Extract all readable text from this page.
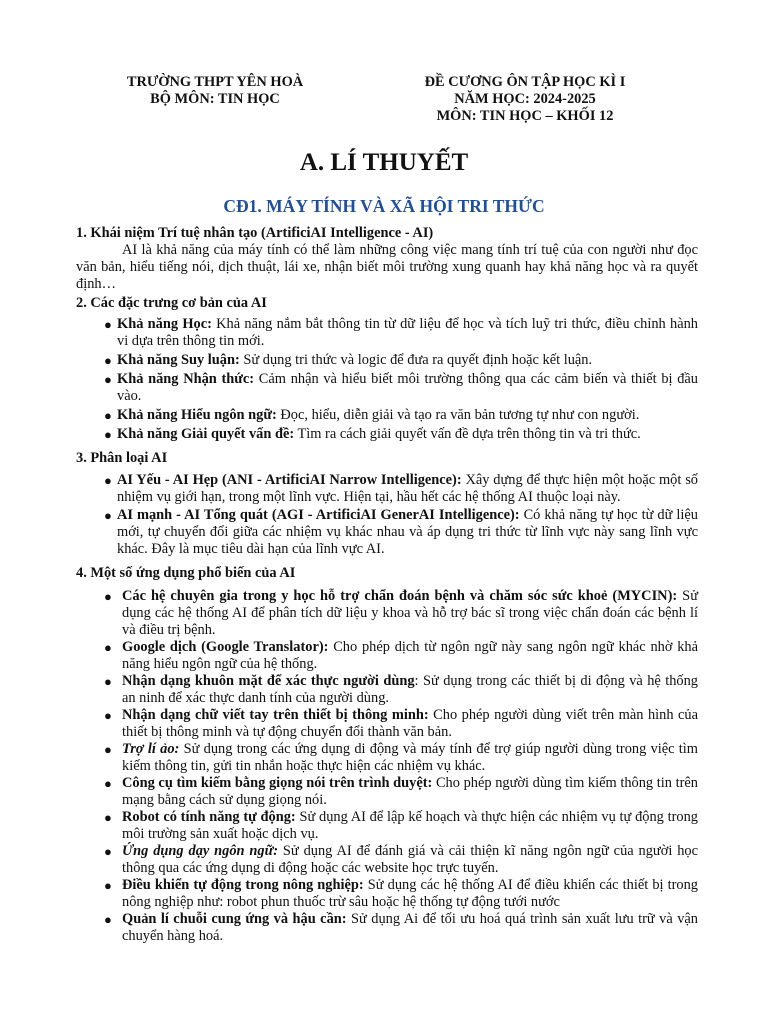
TRƯỜNG THPT YÊN HOÀ
BỘ MÔN: TIN HỌC
ĐỀ CƯƠNG ÔN TẬP HỌC KÌ I
NĂM HỌC: 2024-2025
MÔN: TIN HỌC – KHỐI 12
A. LÍ THUYẾT
CĐ1. MÁY TÍNH VÀ XÃ HỘI TRI THỨC

1. Khái niệm Trí tuệ nhân tạo (ArtificiAI Intelligence - AI)

AI là khả năng của máy tính có thể làm những công việc mang tính trí tuệ của con người như đọc văn bản, hiểu tiếng nói, dịch thuật, lái xe, nhận biết môi trường xung quanh hay khả năng học và ra quyết định…

2. Các đặc trưng cơ bản của AI

● Khả năng Học: Khả năng nắm bắt thông tin từ dữ liệu để học và tích luỹ tri thức, điều chỉnh hành vi dựa trên thông tin mới.
● Khả năng Suy luận: Sử dụng tri thức và logic để đưa ra quyết định hoặc kết luận.
● Khả năng Nhận thức: Cảm nhận và hiểu biết môi trường thông qua các cảm biến và thiết bị đầu vào.
● Khả năng Hiểu ngôn ngữ: Đọc, hiểu, diễn giải và tạo ra văn bản tương tự như con người.
● Khả năng Giải quyết vấn đề: Tìm ra cách giải quyết vấn đề dựa trên thông tin và tri thức.

3. Phân loại AI

● AI Yếu - AI Hẹp (ANI - ArtificiAI Narrow Intelligence): Xây dựng để thực hiện một hoặc một số nhiệm vụ giới hạn, trong một lĩnh vực. Hiện tại, hầu hết các hệ thống AI thuộc loại này.
● AI mạnh - AI Tổng quát (AGI - ArtificiAI GenerAI Intelligence): Có khả năng tự học từ dữ liệu mới, tự chuyển đổi giữa các nhiệm vụ khác nhau và áp dụng tri thức từ lĩnh vực này sang lĩnh vực khác. Đây là mục tiêu dài hạn của lĩnh vực AI.

4. Một số ứng dụng phổ biến của AI

● Các hệ chuyên gia trong y học hỗ trợ chẩn đoán bệnh và chăm sóc sức khoẻ (MYCIN): Sử dụng các hệ thống AI để phân tích dữ liệu y khoa và hỗ trợ bác sĩ trong việc chẩn đoán các bệnh lí và điều trị bệnh.
● Google dịch (Google Translator): Cho phép dịch từ ngôn ngữ này sang ngôn ngữ khác nhờ khả năng hiểu ngôn ngữ của hệ thống.
● Nhận dạng khuôn mặt để xác thực người dùng: Sử dụng trong các thiết bị di động và hệ thống an ninh để xác thực danh tính của người dùng.
● Nhận dạng chữ viết tay trên thiết bị thông minh: Cho phép người dùng viết trên màn hình của thiết bị thông minh và tự động chuyển đổi thành văn bản.
● Trợ lí ảo: Sử dụng trong các ứng dụng di động và máy tính để trợ giúp người dùng trong việc tìm kiếm thông tin, gửi tin nhắn hoặc thực hiện các nhiệm vụ khác.
● Công cụ tìm kiếm bằng giọng nói trên trình duyệt: Cho phép người dùng tìm kiếm thông tin trên mạng bằng cách sử dụng giọng nói.
● Robot có tính năng tự động: Sử dụng AI để lập kế hoạch và thực hiện các nhiệm vụ tự động trong môi trường sản xuất hoặc dịch vụ.
● Ứng dụng dạy ngôn ngữ: Sử dụng AI để đánh giá và cải thiện kĩ năng ngôn ngữ của người học thông qua các ứng dụng di động hoặc các website học trực tuyến.
● Điều khiển tự động trong nông nghiệp: Sử dụng các hệ thống AI để điều khiển các thiết bị trong nông nghiệp như: robot phun thuốc trừ sâu hoặc hệ thống tự động tưới nước
● Quản lí chuỗi cung ứng và hậu cần: Sử dụng Ai để tối ưu hoá quá trình sản xuất lưu trữ và vận chuyển hàng hoá.
